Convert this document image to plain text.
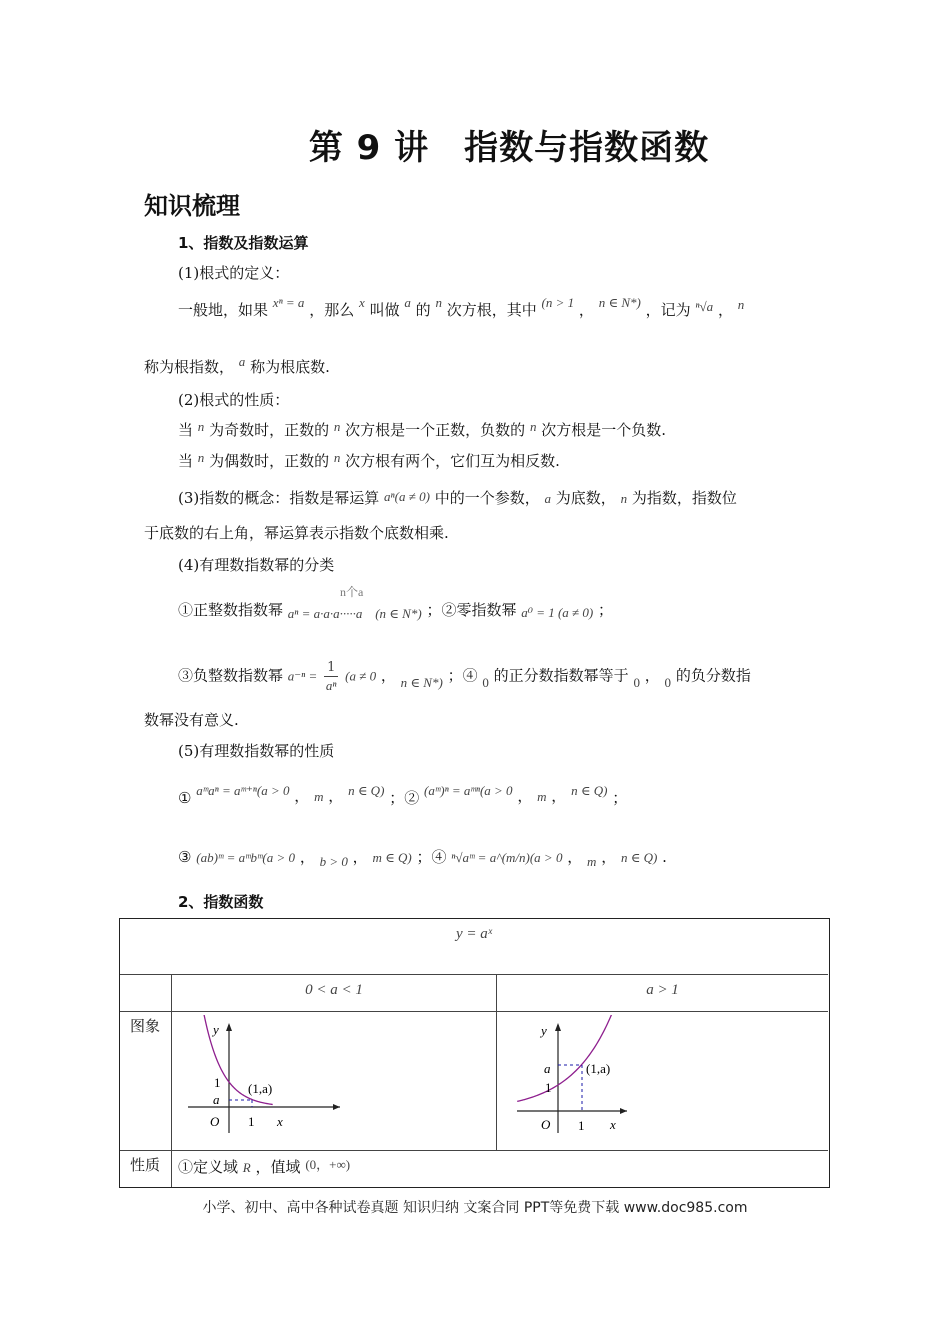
第 9 讲　指数与指数函数
知识梳理
1、指数及指数运算
(1)根式的定义：
一般地，如果 xⁿ = a ，那么 x 叫做 a 的 n 次方根，其中 (n > 1 ， n ∈ N*) ，记为 ⁿ√a ， n
称为根指数， a 称为根底数.
(2)根式的性质：
当 n 为奇数时，正数的 n 次方根是一个正数，负数的 n 次方根是一个负数.
当 n 为偶数时，正数的 n 次方根有两个，它们互为相反数.
(3)指数的概念：指数是幂运算 aⁿ(a ≠ 0) 中的一个参数， a 为底数， n 为指数，指数位
于底数的右上角，幂运算表示指数个底数相乘.
(4)有理数指数幂的分类
n个a
①正整数指数幂 aⁿ = a·a·a·····a (n ∈ N*) ；②零指数幂 a⁰ = 1 (a ≠ 0) ；
③负整数指数幂 $a^{-n} = \frac{1}{\text{aⁿ}} (a \ne 0$ ， n ∈ N*) ；④ 0 的正分数指数幂等于 0 ， 0 的负分数指
数幂没有意义.
(5)有理数指数幂的性质
① aᵐaⁿ = aᵐ⁺ⁿ(a > 0 ， m ， n ∈ Q) ；② (aᵐ)ⁿ = aᵐⁿ(a > 0 ， m ， n ∈ Q) ；
③ (ab)ᵐ = aᵐbᵐ(a > 0 ， b > 0 ， m ∈ Q) ；④ ⁿ√aᵐ = a^(m/n)(a > 0 ， m ， n ∈ Q) .
2、指数函数
y = aˣ
0 < a < 1	a > 1
图象
性质 ①定义域 R ，值域 (0，+∞)
y
x
O
1
a
1
(1,a)
y
x
O
1
a
1
(1,a)
小学、初中、高中各种试卷真题 知识归纳 文案合同 PPT等免费下载 www.doc985.com
